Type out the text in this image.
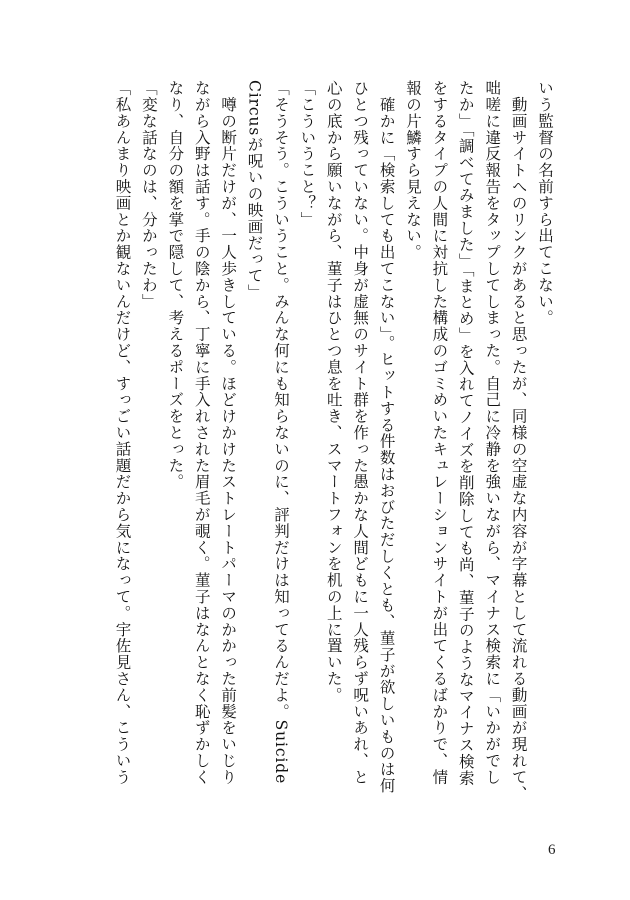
いう監督の名前すら出てこない。
　動画サイトへのリンクがあると思ったが、同様の空虚な内容が字幕として流れる動画が現れて、
咄嗟に違反報告をタップしてしまった。自己に冷静を強いながら、マイナス検索に「いかがでし
たか」「調べてみました」「まとめ」を入れてノイズを削除しても尚、菫子のようなマイナス検索
をするタイプの人間に対抗した構成のゴミめいたキュレーションサイトが出てくるばかりで、情
報の片鱗すら見えない。
　確かに「検索しても出てこない」。ヒットする件数はおびただしくとも、菫子が欲しいものは何
ひとつ残っていない。中身が虚無のサイト群を作った愚かな人間どもに一人残らず呪いあれ、と
心の底から願いながら、菫子はひとつ息を吐き、スマートフォンを机の上に置いた。
「こういうこと？」
「そうそう。こういうこと。みんな何にも知らないのに、評判だけは知ってるんだよ。Suicide
Circusが呪いの映画だって」
　噂の断片だけが、一人歩きしている。ほどけかけたストレートパーマのかかった前髪をいじり
ながら入野は話す。手の陰から、丁寧に手入れされた眉毛が覗く。菫子はなんとなく恥ずかしく
なり、自分の額を掌で隠して、考えるポーズをとった。
「変な話なのは、分かったわ」
「私あんまり映画とか観ないんだけど、すっごい話題だから気になって。宇佐見さん、こういう
6
